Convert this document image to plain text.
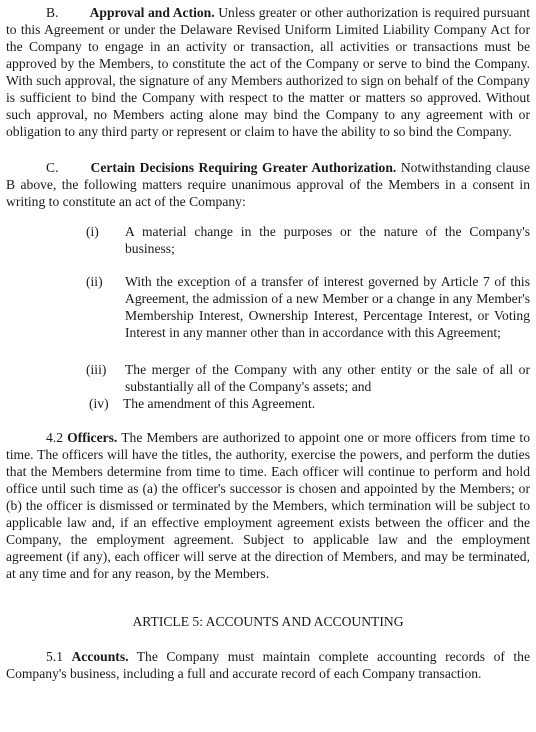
B. Approval and Action. Unless greater or other authorization is required pursuant to this Agreement or under the Delaware Revised Uniform Limited Liability Company Act for the Company to engage in an activity or transaction, all activities or transactions must be approved by the Members, to constitute the act of the Company or serve to bind the Company. With such approval, the signature of any Members authorized to sign on behalf of the Company is sufficient to bind the Company with respect to the matter or matters so approved. Without such approval, no Members acting alone may bind the Company to any agreement with or obligation to any third party or represent or claim to have the ability to so bind the Company.

C. Certain Decisions Requiring Greater Authorization. Notwithstanding clause B above, the following matters require unanimous approval of the Members in a consent in writing to constitute an act of the Company:

(i)	A material change in the purposes or the nature of the Company's business;
(ii)	With the exception of a transfer of interest governed by Article 7 of this Agreement, the admission of a new Member or a change in any Member's Membership Interest, Ownership Interest, Percentage Interest, or Voting Interest in any manner other than in accordance with this Agreement;
(iii)	The merger of the Company with any other entity or the sale of all or substantially all of the Company's assets; and
(iv)	The amendment of this Agreement.

4.2 Officers. The Members are authorized to appoint one or more officers from time to time. The officers will have the titles, the authority, exercise the powers, and perform the duties that the Members determine from time to time. Each officer will continue to perform and hold office until such time as (a) the officer's successor is chosen and appointed by the Members; or (b) the officer is dismissed or terminated by the Members, which termination will be subject to applicable law and, if an effective employment agreement exists between the officer and the Company, the employment agreement. Subject to applicable law and the employment agreement (if any), each officer will serve at the direction of Members, and may be terminated, at any time and for any reason, by the Members.

ARTICLE 5: ACCOUNTS AND ACCOUNTING

5.1 Accounts. The Company must maintain complete accounting records of the Company's business, including a full and accurate record of each Company transaction.
